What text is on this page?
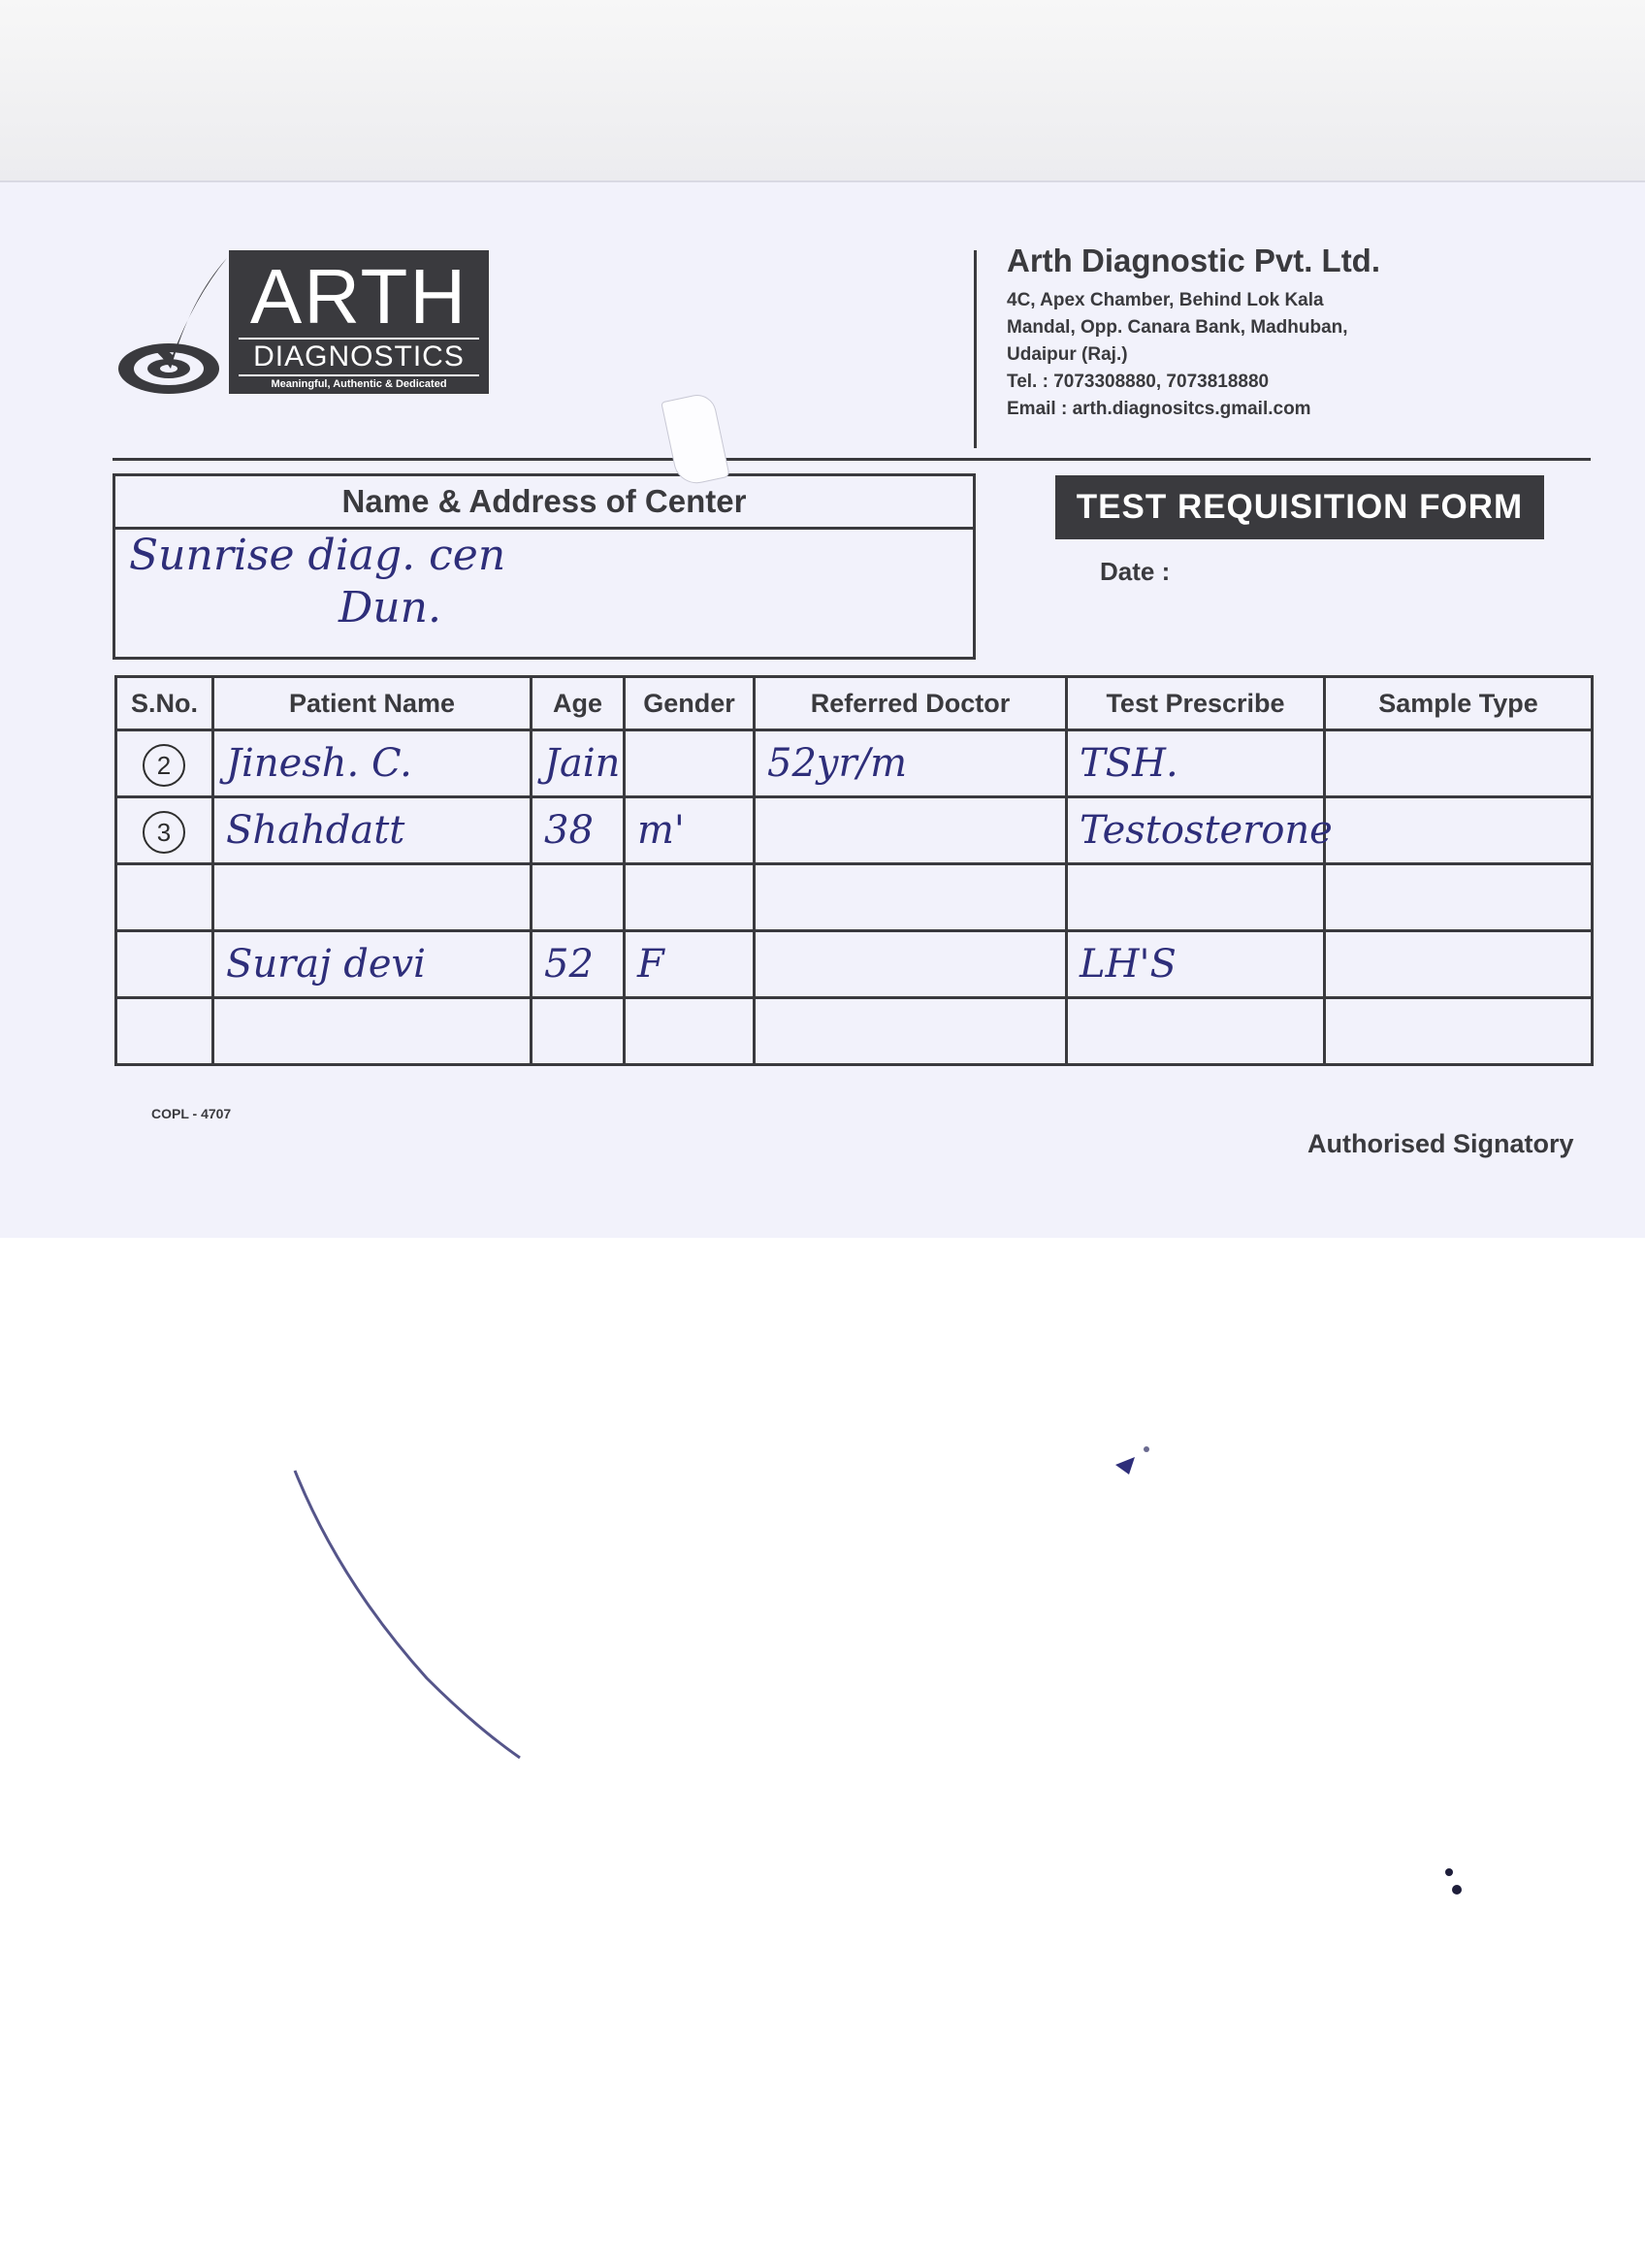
ARTH
DIAGNOSTICS
Meaningful, Authentic & Dedicated
Arth Diagnostic Pvt. Ltd.
4C, Apex Chamber, Behind Lok Kala
Mandal, Opp. Canara Bank, Madhuban,
Udaipur (Raj.)
Tel. : 7073308880, 7073818880
Email : arth.diagnositcs.gmail.com
Name & Address of Center
Sunrise diag. cen
Dun.
TEST REQUISITION FORM
Date :
S.No.	Patient Name	Age	Gender	Referred Doctor	Test Prescribe	Sample Type
2	Jinesh. C.	Jain		52yr/m	TSH.	
3	Shahdatt	38	m'		Testosterone	

	Suraj devi	52	F		LH'S	

COPL - 4707
Authorised Signatory
